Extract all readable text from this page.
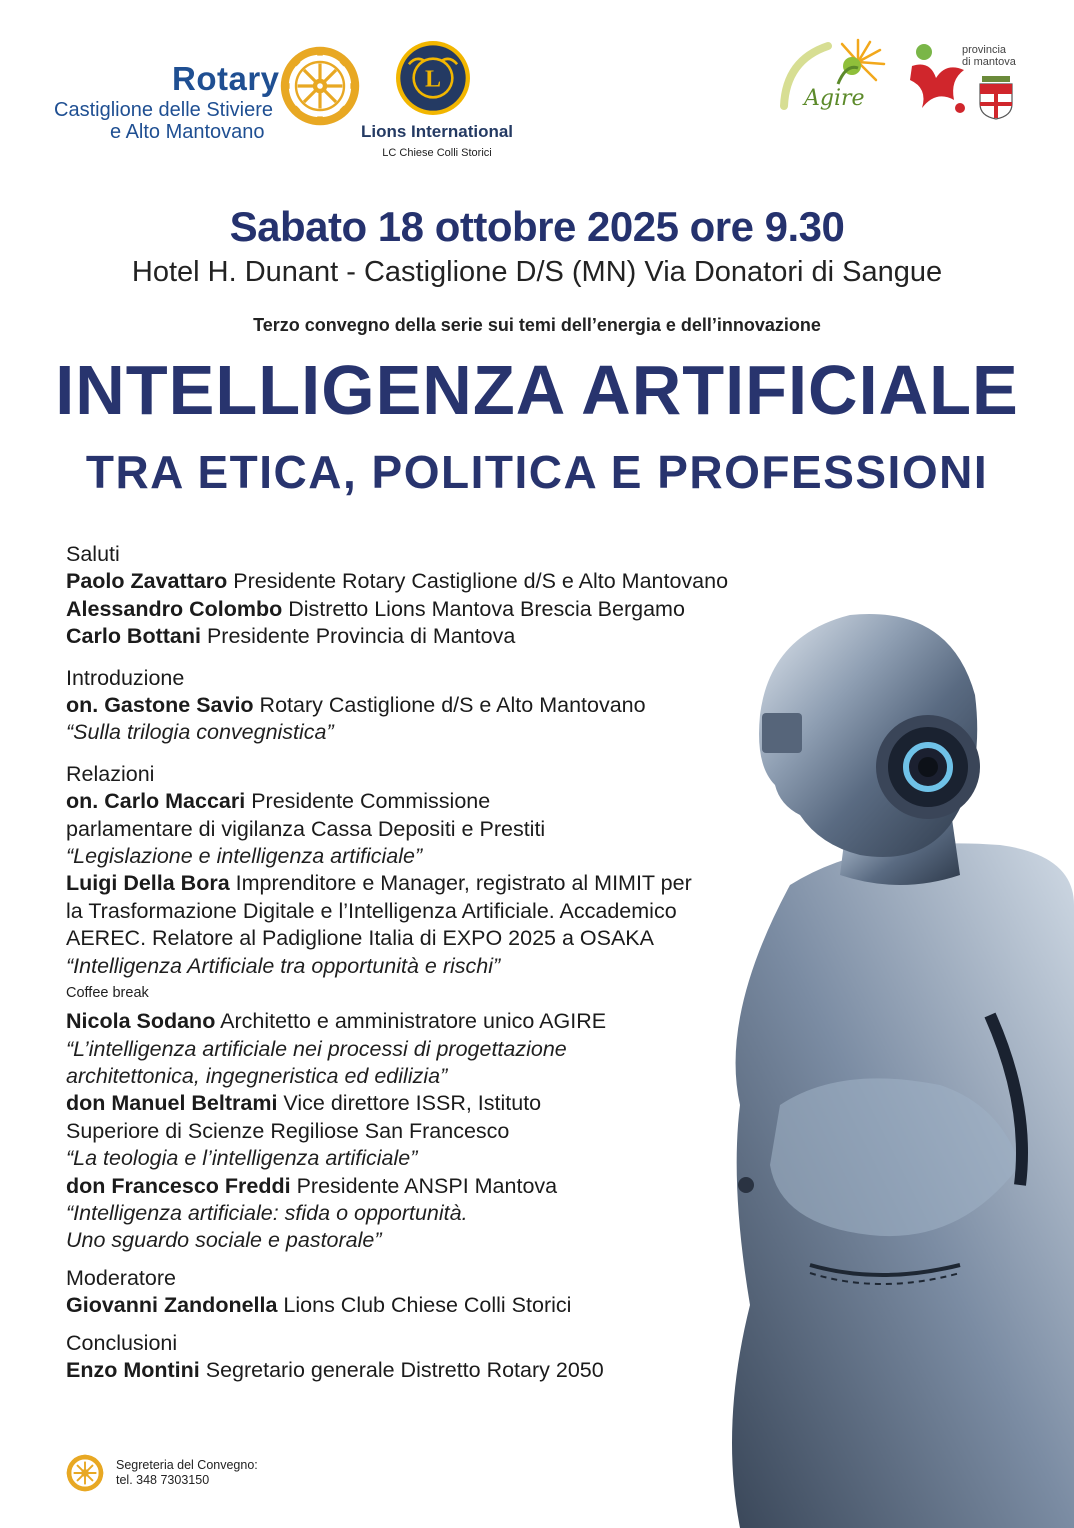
Rotary
Castiglione delle Stiviere
e Alto Mantovano
L
Lions International
LC Chiese Colli Storici
Agire
provincia
di mantova
Sabato 18 ottobre 2025 ore 9.30
Hotel H. Dunant - Castiglione D/S (MN) Via Donatori di Sangue
Terzo convegno della serie sui temi dell’energia e dell’innovazione
INTELLIGENZA ARTIFICIALE
TRA ETICA, POLITICA E PROFESSIONI
Saluti
Paolo Zavattaro Presidente Rotary Castiglione d/S e Alto Mantovano
Alessandro Colombo Distretto Lions Mantova Brescia Bergamo
Carlo Bottani Presidente Provincia di Mantova
Introduzione
on. Gastone Savio Rotary Castiglione d/S e Alto Mantovano
“Sulla trilogia convegnistica”
Relazioni
on. Carlo Maccari Presidente Commissione
parlamentare di vigilanza Cassa Depositi e Prestiti
“Legislazione e intelligenza artificiale”
Luigi Della Bora Imprenditore e Manager, registrato al MIMIT per
la Trasformazione Digitale e l’Intelligenza Artificiale. Accademico
AEREC. Relatore al Padiglione Italia di EXPO 2025 a OSAKA
“Intelligenza Artificiale tra opportunità e rischi”
Coffee break
Nicola Sodano Architetto e amministratore unico AGIRE
“L’intelligenza artificiale nei processi di progettazione
architettonica, ingegneristica ed edilizia”
don Manuel Beltrami Vice direttore ISSR, Istituto
Superiore di Scienze Regiliose San Francesco
“La teologia e l’intelligenza artificiale”
don Francesco Freddi Presidente ANSPI Mantova
“Intelligenza artificiale: sfida o opportunità.
Uno sguardo sociale e pastorale”
Moderatore
Giovanni Zandonella Lions Club Chiese Colli Storici
Conclusioni
Enzo Montini Segretario generale Distretto Rotary 2050
Segreteria del Convegno:
tel. 348 7303150
